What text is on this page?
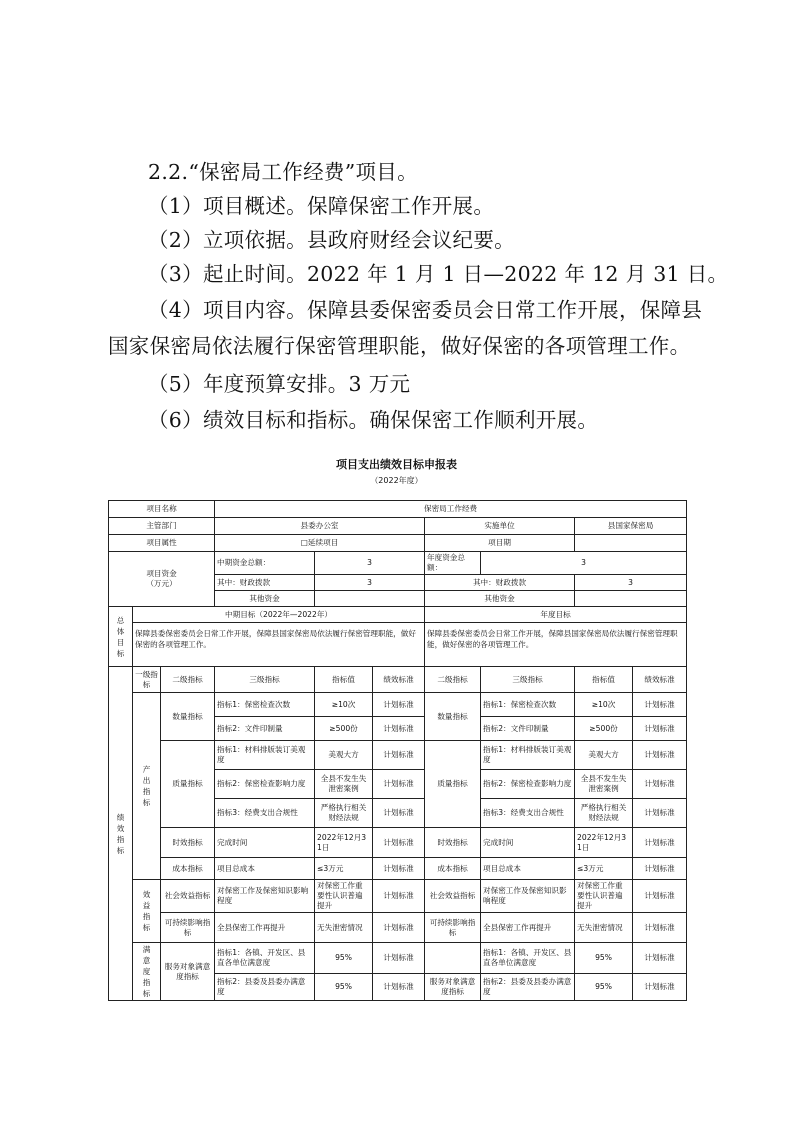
2.2.“保密局工作经费”项目。
（1）项目概述。保障保密工作开展。
（2）立项依据。县政府财经会议纪要。
（3）起止时间。2022 年 1 月 1 日—2022 年 12 月 31 日。
（4）项目内容。保障县委保密委员会日常工作开展，保障县
国家保密局依法履行保密管理职能，做好保密的各项管理工作。
（5）年度预算安排。3 万元
（6）绩效目标和指标。确保保密工作顺利开展。
项目支出绩效目标申报表
（2022年度）
项目名称			保密局工作经费						
主管部门			县委办公室			实施单位		县国家保密局	
项目属性			□延续项目			项目期			
项目资金
（万元）			中期资金总额：	3		年度资金总额：	3		
			其中：财政拨款	3		其中：财政拨款		3	
			其他资金			其他资金			
总体目标	中期目标（2022年—2022年）					年度目标			
	保障县委保密委员会日常工作开展，保障县国家保密局依法履行保密管理职能，做好保密的各项管理工作。					保障县委保密委员会日常工作开展，保障县国家保密局依法履行保密管理职能，做好保密的各项管理工作。			
绩效指标	一级指标	二级指标	三级指标	指标值	绩效标准	二级指标	三级指标	指标值	绩效标准
	产出指标	数量指标	指标1：保密检查次数	≥10次	计划标准	数量指标	指标1：保密检查次数	≥10次	计划标准
			指标2：文件印制量	≥500份	计划标准		指标2：文件印制量	≥500份	计划标准
		质量指标	指标1：材料排版装订美观度	美观大方	计划标准	质量指标	指标1：材料排版装订美观度	美观大方	计划标准
			指标2：保密检查影响力度	全县不发生失泄密案例	计划标准		指标2：保密检查影响力度	全县不发生失泄密案例	计划标准
			指标3：经费支出合规性	严格执行相关财经法规	计划标准		指标3：经费支出合规性	严格执行相关财经法规	计划标准
		时效指标	完成时间	2022年12月31日	计划标准	时效指标	完成时间	2022年12月31日	计划标准
		成本指标	项目总成本	≤3万元	计划标准	成本指标	项目总成本	≤3万元	计划标准
	效益指标	社会效益指标	对保密工作及保密知识影响程度	对保密工作重要性认识普遍提升	计划标准	社会效益指标	对保密工作及保密知识影响程度	对保密工作重要性认识普遍提升	计划标准
		可持续影响指标	全县保密工作再提升	无失泄密情况	计划标准	可持续影响指标	全县保密工作再提升	无失泄密情况	计划标准
	满意度指标	服务对象满意度指标	指标1：各镇、开发区、县直各单位满意度	95%	计划标准		指标1：各镇、开发区、县直各单位满意度	95%	计划标准
			指标2：县委及县委办满意度	95%	计划标准	服务对象满意度指标	指标2：县委及县委办满意度	95%	计划标准
